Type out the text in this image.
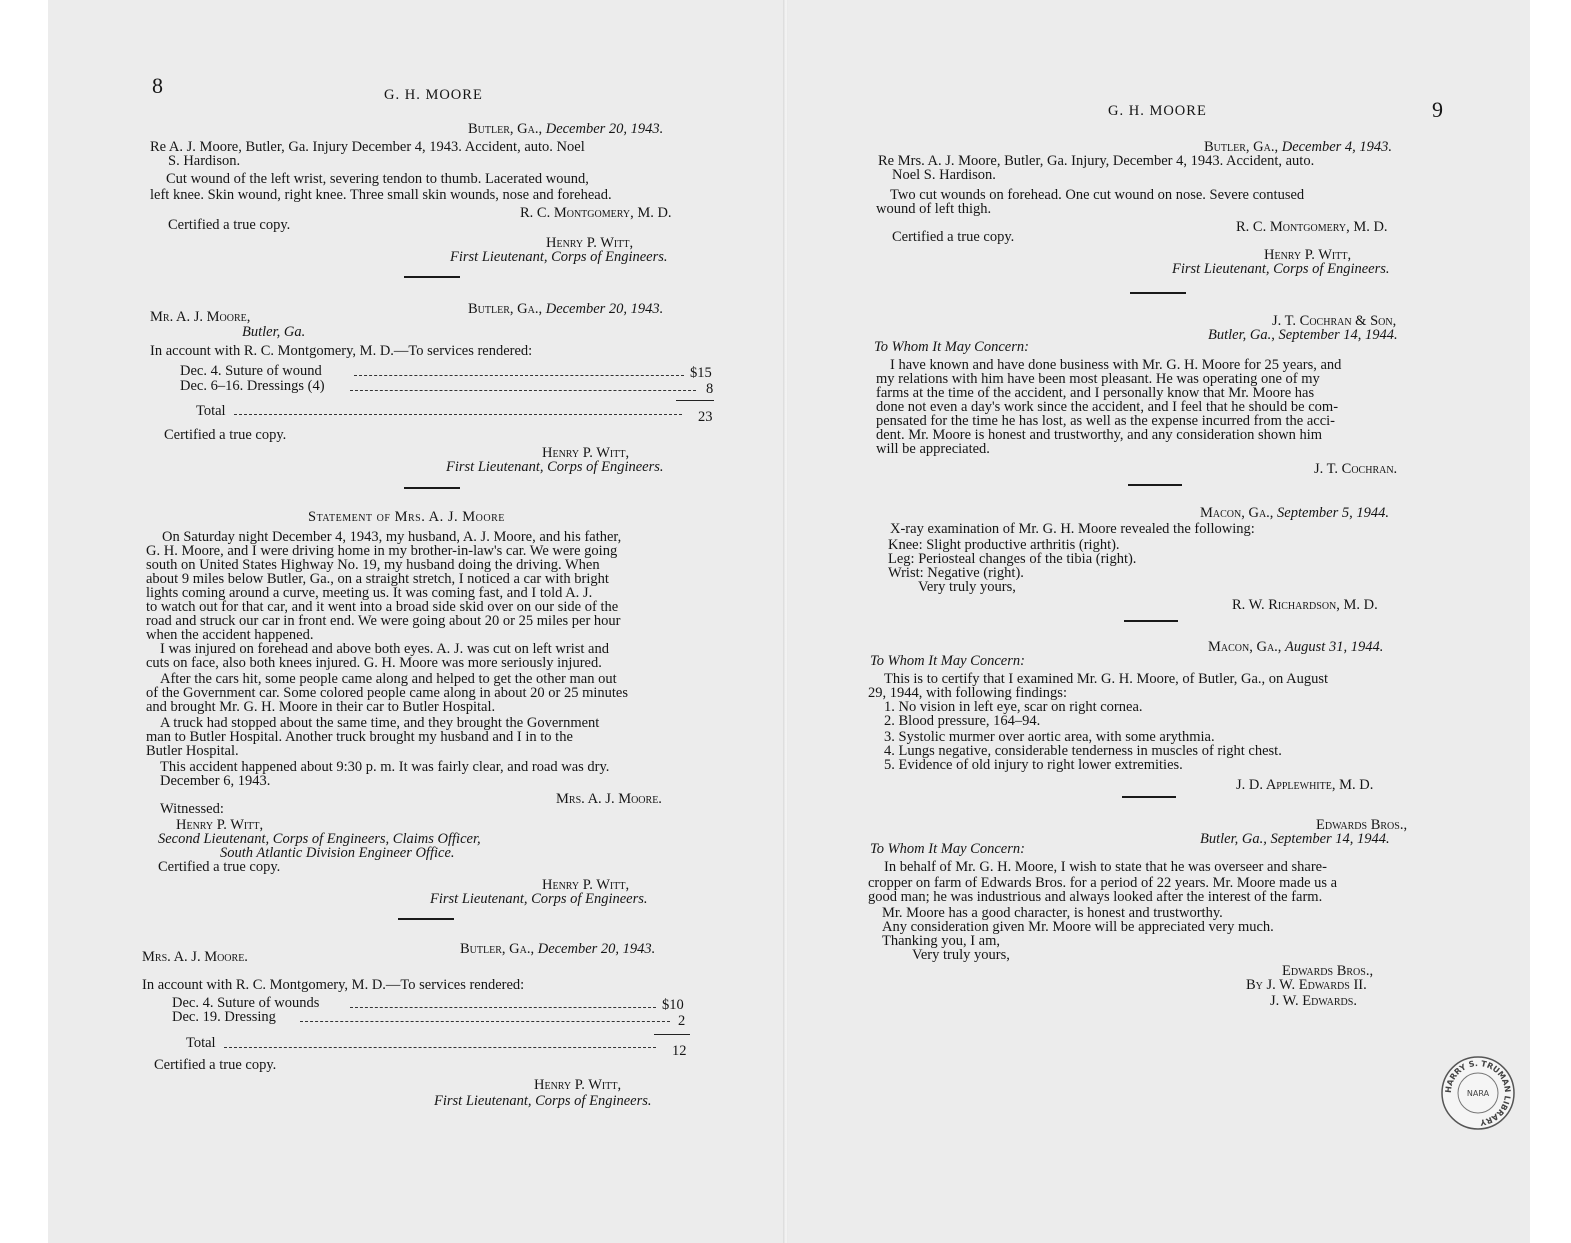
8	G. H. MOORE
Butler, Ga., December 20, 1943.
Re A. J. Moore, Butler, Ga. Injury December 4, 1943. Accident, auto. Noel
S. Hardison.
Cut wound of the left wrist, severing tendon to thumb. Lacerated wound,
left knee. Skin wound, right knee. Three small skin wounds, nose and forehead.
R. C. Montgomery, M. D.
Certified a true copy.
Henry P. Witt,
First Lieutenant, Corps of Engineers.
Butler, Ga., December 20, 1943.
Mr. A. J. Moore,
Butler, Ga.
In account with R. C. Montgomery, M. D.—To services rendered:
Dec. 4. Suture of wound	$15
Dec. 6–16. Dressings (4)	8
Total	23
Certified a true copy.
Henry P. Witt,
First Lieutenant, Corps of Engineers.
Statement of Mrs. A. J. Moore
On Saturday night December 4, 1943, my husband, A. J. Moore, and his father,
G. H. Moore, and I were driving home in my brother-in-law's car. We were going
south on United States Highway No. 19, my husband doing the driving. When
about 9 miles below Butler, Ga., on a straight stretch, I noticed a car with bright
lights coming around a curve, meeting us. It was coming fast, and I told A. J.
to watch out for that car, and it went into a broad side skid over on our side of the
road and struck our car in front end. We were going about 20 or 25 miles per hour
when the accident happened.
I was injured on forehead and above both eyes. A. J. was cut on left wrist and
cuts on face, also both knees injured. G. H. Moore was more seriously injured.
After the cars hit, some people came along and helped to get the other man out
of the Government car. Some colored people came along in about 20 or 25 minutes
and brought Mr. G. H. Moore in their car to Butler Hospital.
A truck had stopped about the same time, and they brought the Government
man to Butler Hospital. Another truck brought my husband and I in to the
Butler Hospital.
This accident happened about 9:30 p. m. It was fairly clear, and road was dry.
December 6, 1943.
Mrs. A. J. Moore.
Witnessed:
Henry P. Witt,
Second Lieutenant, Corps of Engineers, Claims Officer,
South Atlantic Division Engineer Office.
Certified a true copy.
Henry P. Witt,
First Lieutenant, Corps of Engineers.
Butler, Ga., December 20, 1943.
Mrs. A. J. Moore.
In account with R. C. Montgomery, M. D.—To services rendered:
Dec. 4. Suture of wounds	$10
Dec. 19. Dressing	2
Total	12
Certified a true copy.
Henry P. Witt,
First Lieutenant, Corps of Engineers.
G. H. MOORE	9
Butler, Ga., December 4, 1943.
Re Mrs. A. J. Moore, Butler, Ga. Injury, December 4, 1943. Accident, auto.
Noel S. Hardison.
Two cut wounds on forehead. One cut wound on nose. Severe contused
wound of left thigh.
R. C. Montgomery, M. D.
Certified a true copy.
Henry P. Witt,
First Lieutenant, Corps of Engineers.
J. T. Cochran & Son,
Butler, Ga., September 14, 1944.
To Whom It May Concern:
I have known and have done business with Mr. G. H. Moore for 25 years, and
my relations with him have been most pleasant. He was operating one of my
farms at the time of the accident, and I personally know that Mr. Moore has
done not even a day's work since the accident, and I feel that he should be com-
pensated for the time he has lost, as well as the expense incurred from the acci-
dent. Mr. Moore is honest and trustworthy, and any consideration shown him
will be appreciated.
J. T. Cochran.
Macon, Ga., September 5, 1944.
X-ray examination of Mr. G. H. Moore revealed the following:
Knee: Slight productive arthritis (right).
Leg: Periosteal changes of the tibia (right).
Wrist: Negative (right).
Very truly yours,
R. W. Richardson, M. D.
Macon, Ga., August 31, 1944.
To Whom It May Concern:
This is to certify that I examined Mr. G. H. Moore, of Butler, Ga., on August
29, 1944, with following findings:
1. No vision in left eye, scar on right cornea.
2. Blood pressure, 164–94.
3. Systolic murmer over aortic area, with some arythmia.
4. Lungs negative, considerable tenderness in muscles of right chest.
5. Evidence of old injury to right lower extremities.
J. D. Applewhite, M. D.
Edwards Bros.,
Butler, Ga., September 14, 1944.
To Whom It May Concern:
In behalf of Mr. G. H. Moore, I wish to state that he was overseer and share-
cropper on farm of Edwards Bros. for a period of 22 years. Mr. Moore made us a
good man; he was industrious and always looked after the interest of the farm.
Mr. Moore has a good character, is honest and trustworthy.
Any consideration given Mr. Moore will be appreciated very much.
Thanking you, I am,
Very truly yours,
Edwards Bros.,
By J. W. Edwards II.
J. W. Edwards.
HARRY S. TRUMAN LIBRARY
NARA
